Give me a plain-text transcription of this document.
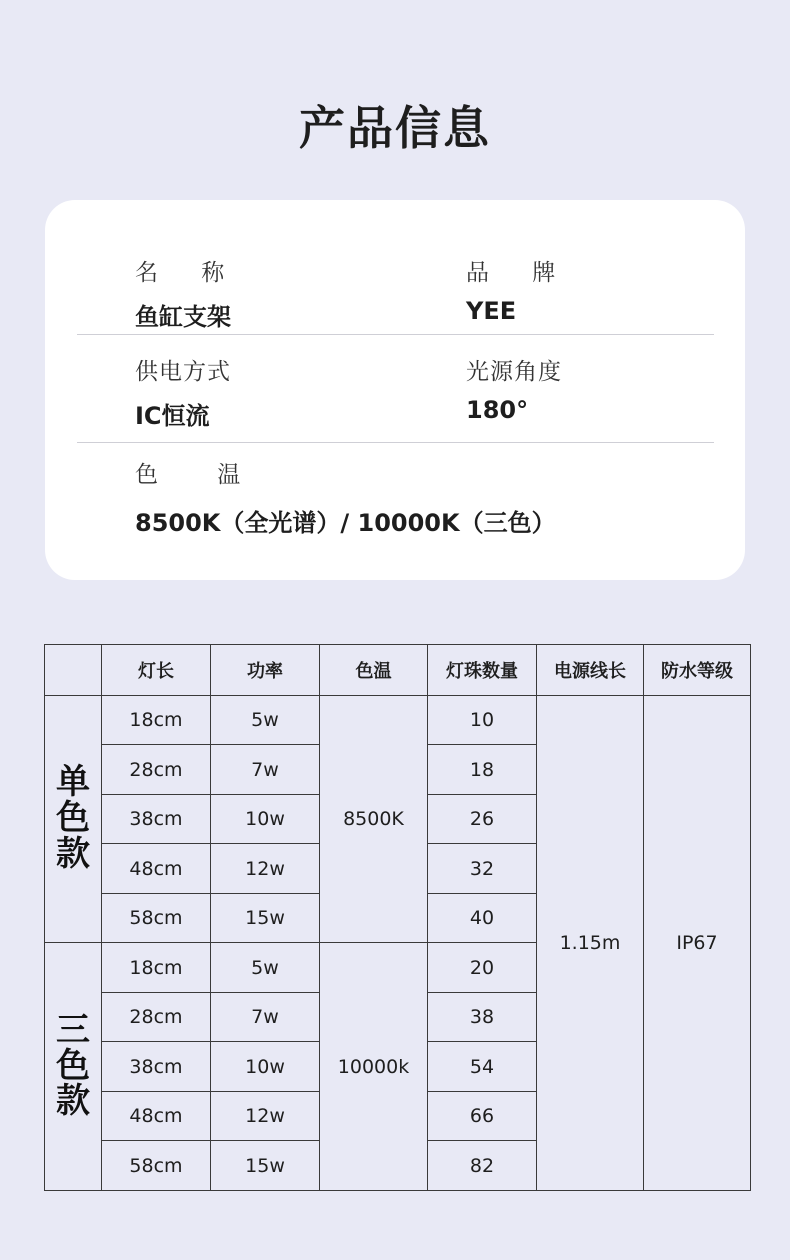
产品信息
名 称
鱼缸支架
品 牌
YEE
供电方式
IC恒流
光源角度
180°
色 温
8500K（全光谱）/ 10000K（三色）
	灯长	功率	色温	灯珠数量	电源线长	防水等级

单
色
款	18cm	5w	8500K	10	1.15m	IP67
	28cm	7w		18		
	38cm	10w		26		
	48cm	12w		32		
	58cm	15w		40		

三
色
款	18cm	5w	10000k	20		
	28cm	7w		38		
	38cm	10w		54		
	48cm	12w		66		
	58cm	15w		82		
